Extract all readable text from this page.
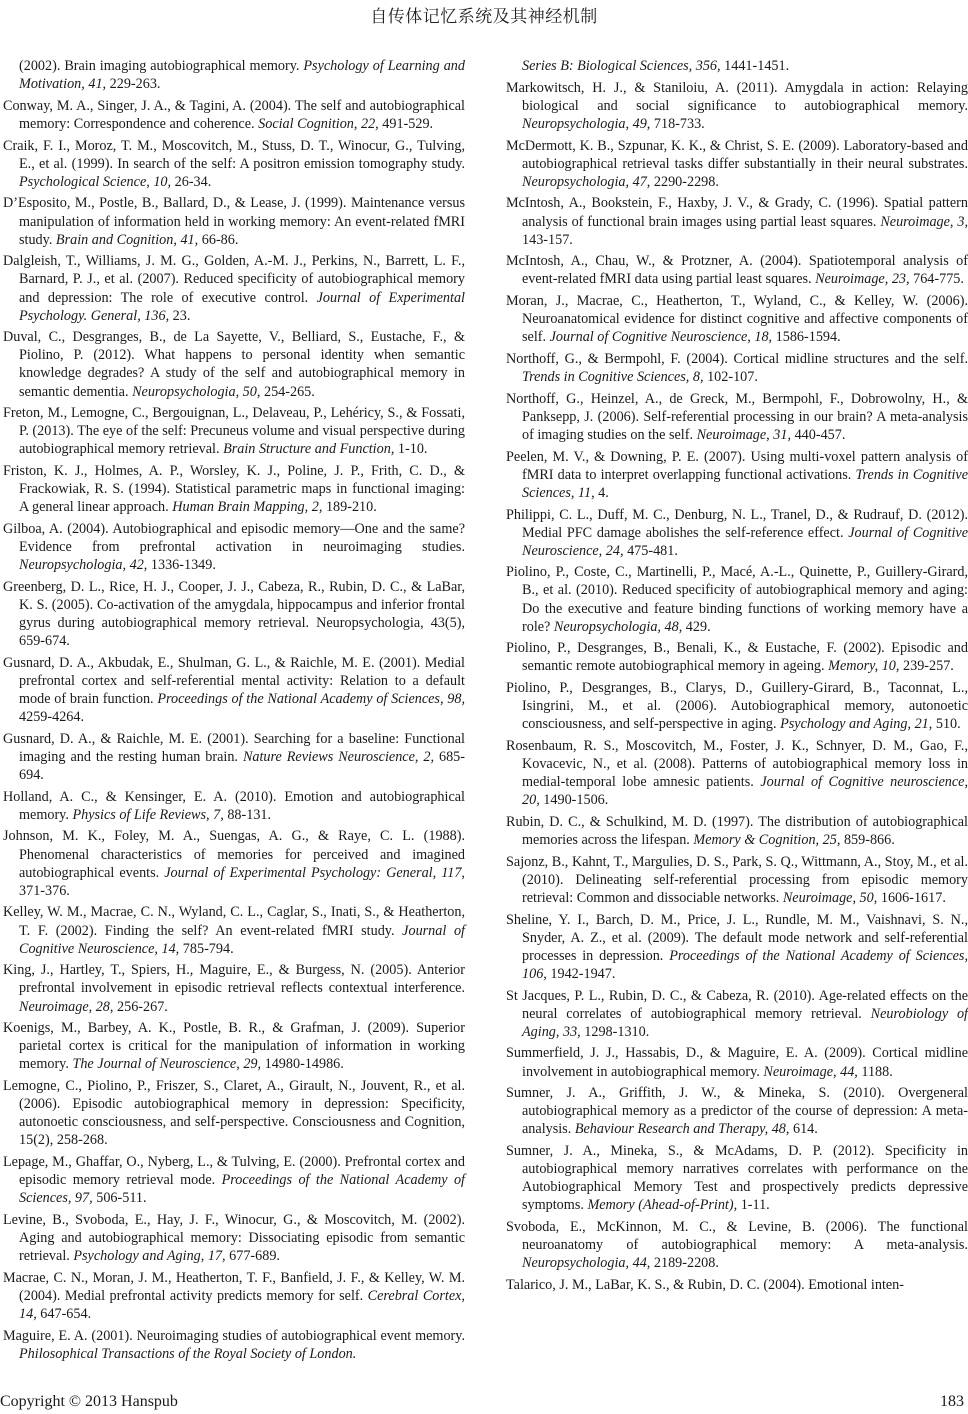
自传体记忆系统及其神经机制

(2002). Brain imaging autobiographical memory. Psychology of Learning and Motivation, 41, 229-263.

Conway, M. A., Singer, J. A., & Tagini, A. (2004). The self and autobiographical memory: Correspondence and coherence. Social Cognition, 22, 491-529.

Craik, F. I., Moroz, T. M., Moscovitch, M., Stuss, D. T., Winocur, G., Tulving, E., et al. (1999). In search of the self: A positron emission tomography study. Psychological Science, 10, 26-34.

D’Esposito, M., Postle, B., Ballard, D., & Lease, J. (1999). Maintenance versus manipulation of information held in working memory: An event-related fMRI study. Brain and Cognition, 41, 66-86.

Dalgleish, T., Williams, J. M. G., Golden, A.-M. J., Perkins, N., Barrett, L. F., Barnard, P. J., et al. (2007). Reduced specificity of autobiographical memory and depression: The role of executive control. Journal of Experimental Psychology. General, 136, 23.

Duval, C., Desgranges, B., de La Sayette, V., Belliard, S., Eustache, F., & Piolino, P. (2012). What happens to personal identity when semantic knowledge degrades? A study of the self and autobiographical memory in semantic dementia. Neuropsychologia, 50, 254-265.

Freton, M., Lemogne, C., Bergouignan, L., Delaveau, P., Lehéricy, S., & Fossati, P. (2013). The eye of the self: Precuneus volume and visual perspective during autobiographical memory retrieval. Brain Structure and Function, 1-10.

Friston, K. J., Holmes, A. P., Worsley, K. J., Poline, J. P., Frith, C. D., & Frackowiak, R. S. (1994). Statistical parametric maps in functional imaging: A general linear approach. Human Brain Mapping, 2, 189-210.

Gilboa, A. (2004). Autobiographical and episodic memory—One and the same? Evidence from prefrontal activation in neuroimaging studies. Neuropsychologia, 42, 1336-1349.

Greenberg, D. L., Rice, H. J., Cooper, J. J., Cabeza, R., Rubin, D. C., & LaBar, K. S. (2005). Co-activation of the amygdala, hippocampus and inferior frontal gyrus during autobiographical memory retrieval. Neuropsychologia, 43(5), 659-674.

Gusnard, D. A., Akbudak, E., Shulman, G. L., & Raichle, M. E. (2001). Medial prefrontal cortex and self-referential mental activity: Relation to a default mode of brain function. Proceedings of the National Academy of Sciences, 98, 4259-4264.

Gusnard, D. A., & Raichle, M. E. (2001). Searching for a baseline: Functional imaging and the resting human brain. Nature Reviews Neuroscience, 2, 685-694.

Holland, A. C., & Kensinger, E. A. (2010). Emotion and autobiographical memory. Physics of Life Reviews, 7, 88-131.

Johnson, M. K., Foley, M. A., Suengas, A. G., & Raye, C. L. (1988). Phenomenal characteristics of memories for perceived and imagined autobiographical events. Journal of Experimental Psychology: General, 117, 371-376.

Kelley, W. M., Macrae, C. N., Wyland, C. L., Caglar, S., Inati, S., & Heatherton, T. F. (2002). Finding the self? An event-related fMRI study. Journal of Cognitive Neuroscience, 14, 785-794.

King, J., Hartley, T., Spiers, H., Maguire, E., & Burgess, N. (2005). Anterior prefrontal involvement in episodic retrieval reflects contextual interference. Neuroimage, 28, 256-267.

Koenigs, M., Barbey, A. K., Postle, B. R., & Grafman, J. (2009). Superior parietal cortex is critical for the manipulation of information in working memory. The Journal of Neuroscience, 29, 14980-14986.

Lemogne, C., Piolino, P., Friszer, S., Claret, A., Girault, N., Jouvent, R., et al. (2006). Episodic autobiographical memory in depression: Specificity, autonoetic consciousness, and self-perspective. Consciousness and Cognition, 15(2), 258-268.

Lepage, M., Ghaffar, O., Nyberg, L., & Tulving, E. (2000). Prefrontal cortex and episodic memory retrieval mode. Proceedings of the National Academy of Sciences, 97, 506-511.

Levine, B., Svoboda, E., Hay, J. F., Winocur, G., & Moscovitch, M. (2002). Aging and autobiographical memory: Dissociating episodic from semantic retrieval. Psychology and Aging, 17, 677-689.

Macrae, C. N., Moran, J. M., Heatherton, T. F., Banfield, J. F., & Kelley, W. M. (2004). Medial prefrontal activity predicts memory for self. Cerebral Cortex, 14, 647-654.

Maguire, E. A. (2001). Neuroimaging studies of autobiographical event memory. Philosophical Transactions of the Royal Society of London.

Series B: Biological Sciences, 356, 1441-1451.

Markowitsch, H. J., & Staniloiu, A. (2011). Amygdala in action: Relaying biological and social significance to autobiographical memory. Neuropsychologia, 49, 718-733.

McDermott, K. B., Szpunar, K. K., & Christ, S. E. (2009). Laboratory-based and autobiographical retrieval tasks differ substantially in their neural substrates. Neuropsychologia, 47, 2290-2298.

McIntosh, A., Bookstein, F., Haxby, J. V., & Grady, C. (1996). Spatial pattern analysis of functional brain images using partial least squares. Neuroimage, 3, 143-157.

McIntosh, A., Chau, W., & Protzner, A. (2004). Spatiotemporal analysis of event-related fMRI data using partial least squares. Neuroimage, 23, 764-775.

Moran, J., Macrae, C., Heatherton, T., Wyland, C., & Kelley, W. (2006). Neuroanatomical evidence for distinct cognitive and affective components of self. Journal of Cognitive Neuroscience, 18, 1586-1594.

Northoff, G., & Bermpohl, F. (2004). Cortical midline structures and the self. Trends in Cognitive Sciences, 8, 102-107.

Northoff, G., Heinzel, A., de Greck, M., Bermpohl, F., Dobrowolny, H., & Panksepp, J. (2006). Self-referential processing in our brain? A meta-analysis of imaging studies on the self. Neuroimage, 31, 440-457.

Peelen, M. V., & Downing, P. E. (2007). Using multi-voxel pattern analysis of fMRI data to interpret overlapping functional activations. Trends in Cognitive Sciences, 11, 4.

Philippi, C. L., Duff, M. C., Denburg, N. L., Tranel, D., & Rudrauf, D. (2012). Medial PFC damage abolishes the self-reference effect. Journal of Cognitive Neuroscience, 24, 475-481.

Piolino, P., Coste, C., Martinelli, P., Macé, A.-L., Quinette, P., Guillery-Girard, B., et al. (2010). Reduced specificity of autobiographical memory and aging: Do the executive and feature binding functions of working memory have a role? Neuropsychologia, 48, 429.

Piolino, P., Desgranges, B., Benali, K., & Eustache, F. (2002). Episodic and semantic remote autobiographical memory in ageing. Memory, 10, 239-257.

Piolino, P., Desgranges, B., Clarys, D., Guillery-Girard, B., Taconnat, L., Isingrini, M., et al. (2006). Autobiographical memory, autonoetic consciousness, and self-perspective in aging. Psychology and Aging, 21, 510.

Rosenbaum, R. S., Moscovitch, M., Foster, J. K., Schnyer, D. M., Gao, F., Kovacevic, N., et al. (2008). Patterns of autobiographical memory loss in medial-temporal lobe amnesic patients. Journal of Cognitive neuroscience, 20, 1490-1506.

Rubin, D. C., & Schulkind, M. D. (1997). The distribution of autobiographical memories across the lifespan. Memory & Cognition, 25, 859-866.

Sajonz, B., Kahnt, T., Margulies, D. S., Park, S. Q., Wittmann, A., Stoy, M., et al. (2010). Delineating self-referential processing from episodic memory retrieval: Common and dissociable networks. Neuroimage, 50, 1606-1617.

Sheline, Y. I., Barch, D. M., Price, J. L., Rundle, M. M., Vaishnavi, S. N., Snyder, A. Z., et al. (2009). The default mode network and self-referential processes in depression. Proceedings of the National Academy of Sciences, 106, 1942-1947.

St Jacques, P. L., Rubin, D. C., & Cabeza, R. (2010). Age-related effects on the neural correlates of autobiographical memory retrieval. Neurobiology of Aging, 33, 1298-1310.

Summerfield, J. J., Hassabis, D., & Maguire, E. A. (2009). Cortical midline involvement in autobiographical memory. Neuroimage, 44, 1188.

Sumner, J. A., Griffith, J. W., & Mineka, S. (2010). Overgeneral autobiographical memory as a predictor of the course of depression: A meta-analysis. Behaviour Research and Therapy, 48, 614.

Sumner, J. A., Mineka, S., & McAdams, D. P. (2012). Specificity in autobiographical memory narratives correlates with performance on the Autobiographical Memory Test and prospectively predicts depressive symptoms. Memory (Ahead-of-Print), 1-11.

Svoboda, E., McKinnon, M. C., & Levine, B. (2006). The functional neuroanatomy of autobiographical memory: A meta-analysis. Neuropsychologia, 44, 2189-2208.

Talarico, J. M., LaBar, K. S., & Rubin, D. C. (2004). Emotional inten-

Copyright © 2013 Hanspub	183
